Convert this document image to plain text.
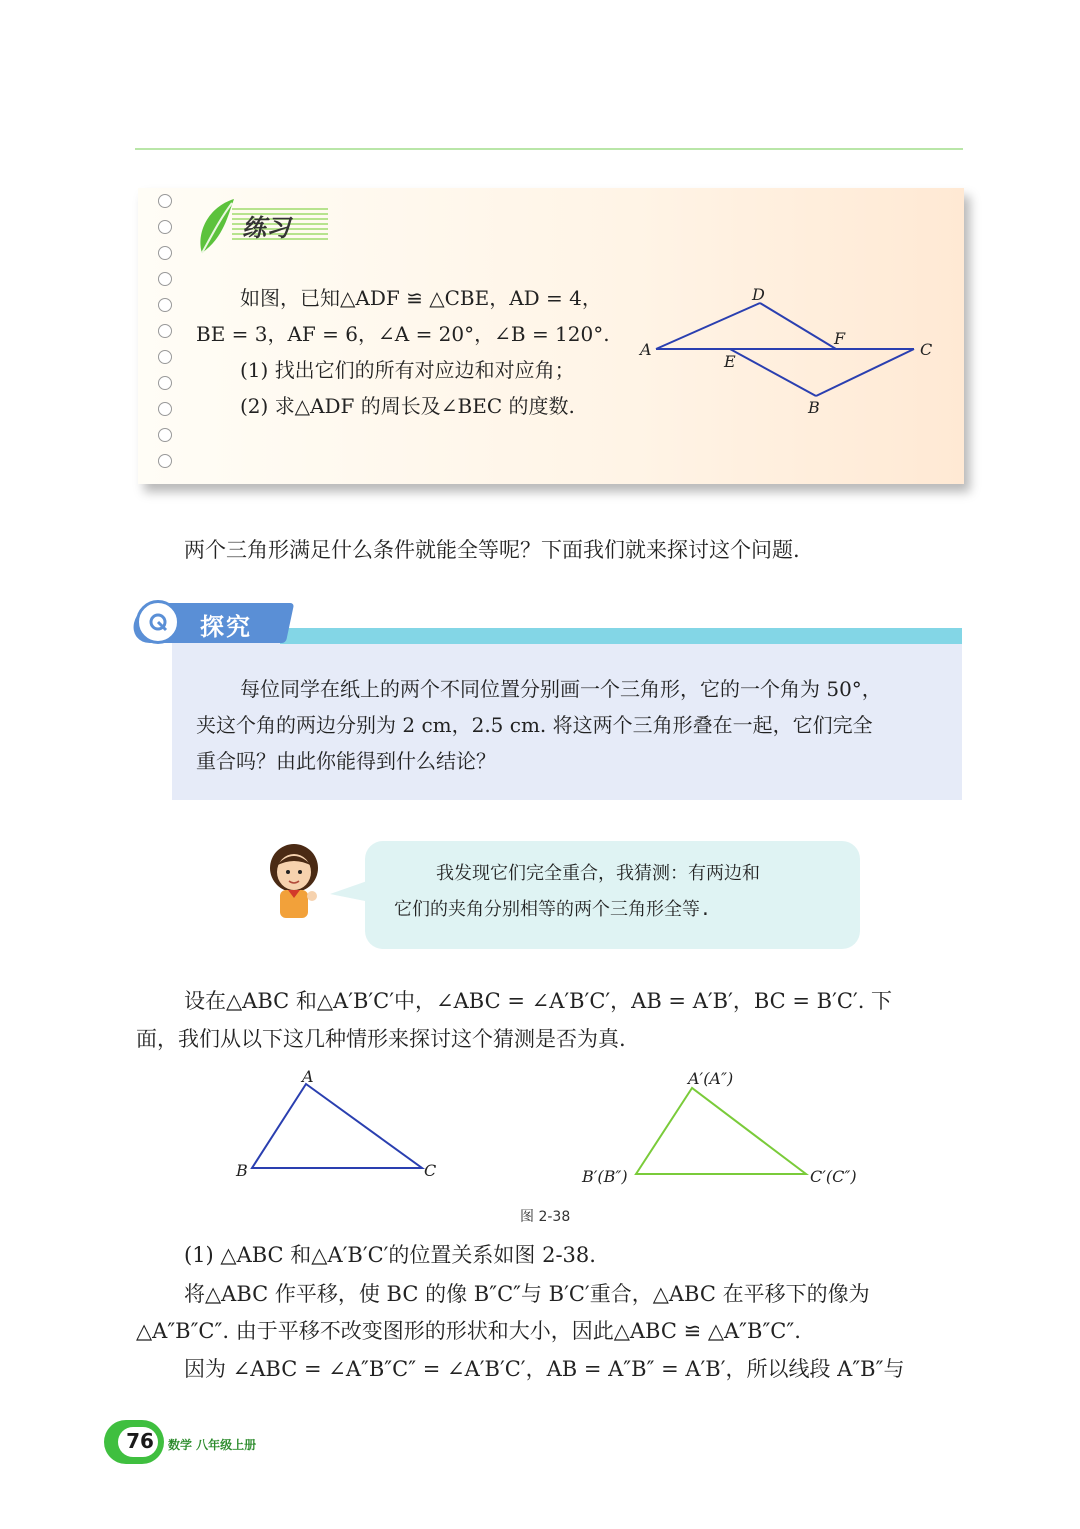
练习
如图，已知△ADF ≌ △CBE，AD = 4，
BE = 3，AF = 6，∠A = 20°，∠B = 120°.
(1) 找出它们的所有对应边和对应角；
(2) 求△ADF 的周长及∠BEC 的度数.
A
D
F
C
E
B
两个三角形满足什么条件就能全等呢？下面我们就来探讨这个问题.
探究
每位同学在纸上的两个不同位置分别画一个三角形，它的一个角为 50°，
夹这个角的两边分别为 2 cm，2.5 cm. 将这两个三角形叠在一起，它们完全
重合吗？由此你能得到什么结论？
我发现它们完全重合，我猜测：有两边和
它们的夹角分别相等的两个三角形全等.
设在△ABC 和△A′B′C′中，∠ABC = ∠A′B′C′，AB = A′B′，BC = B′C′. 下
面，我们从以下这几种情形来探讨这个猜测是否为真.
A
B	C
A′(A″)
B′(B″)	C′(C″)
图 2-38
(1) △ABC 和△A′B′C′的位置关系如图 2-38.
将△ABC 作平移，使 BC 的像 B″C″与 B′C′重合，△ABC 在平移下的像为
△A″B″C″. 由于平移不改变图形的形状和大小，因此△ABC ≌ △A″B″C″.
因为 ∠ABC = ∠A″B″C″ = ∠A′B′C′，AB = A″B″ = A′B′，所以线段 A″B″与
76	数学 八年级上册
